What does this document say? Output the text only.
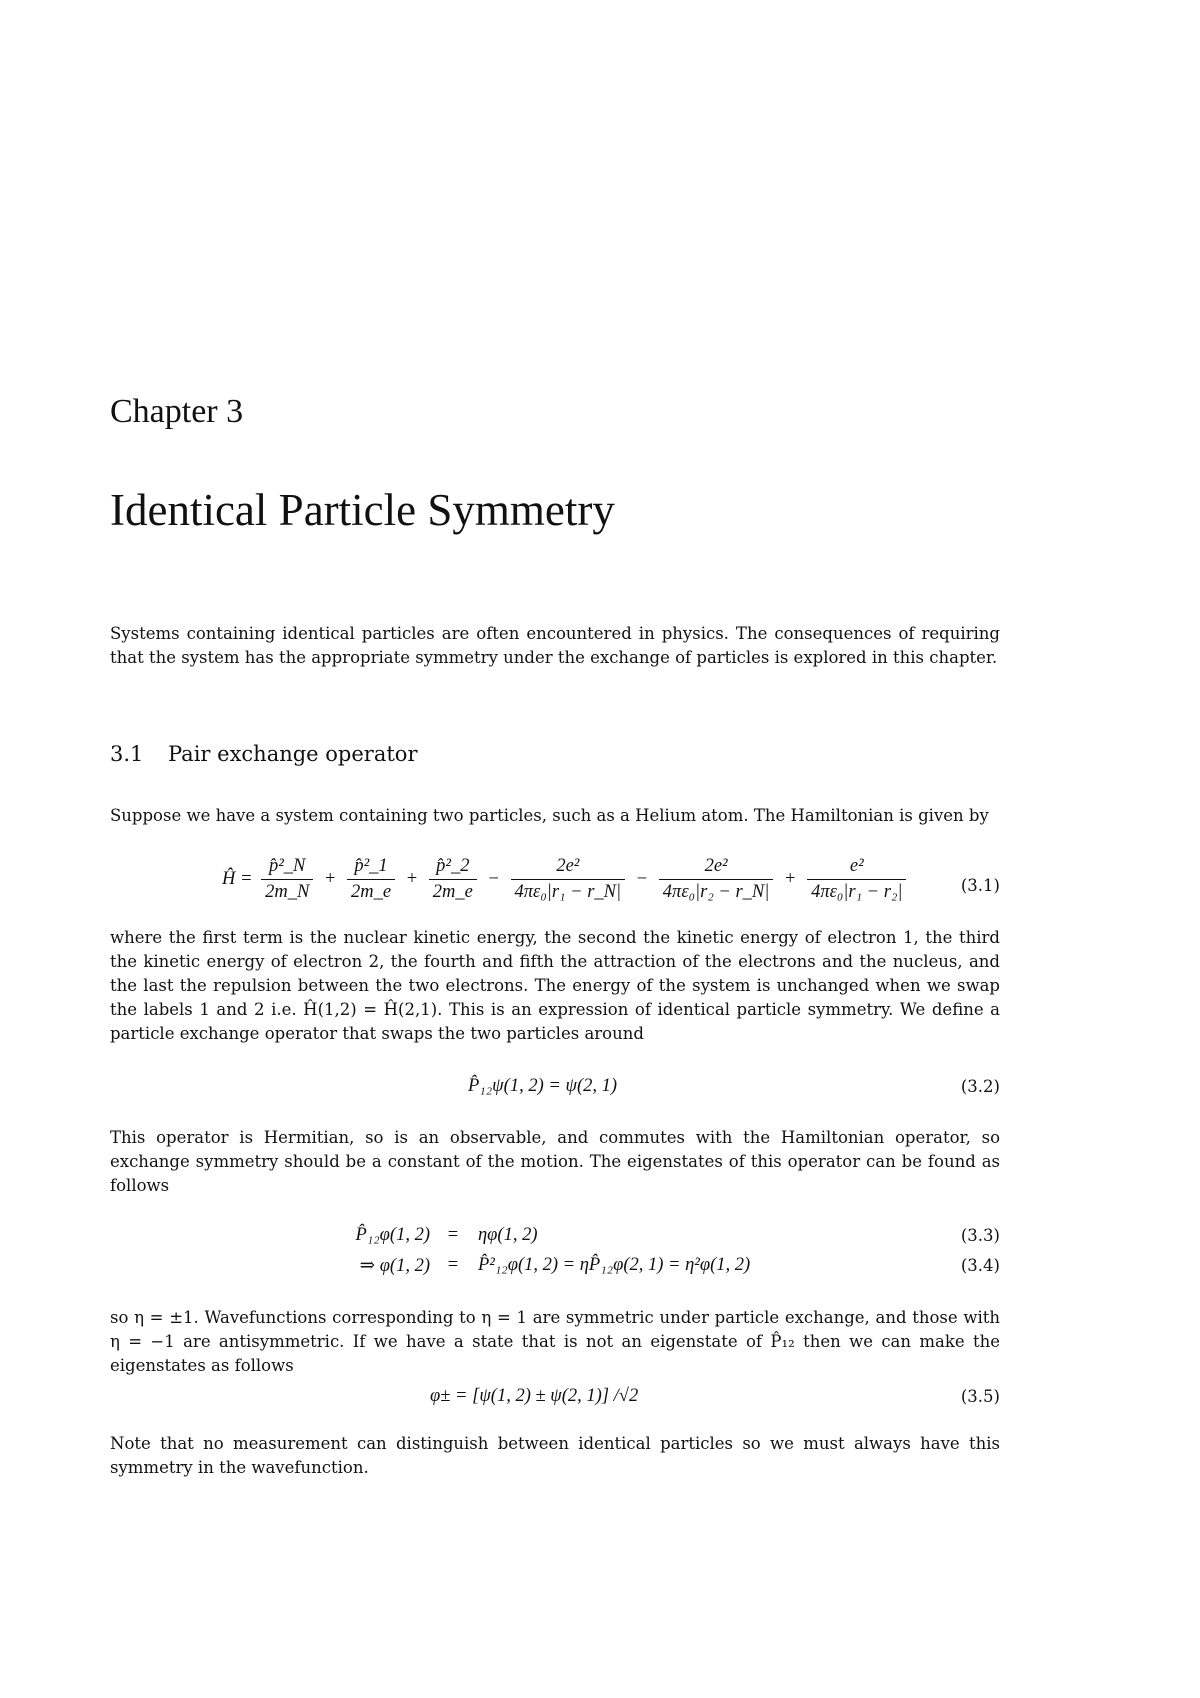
Chapter 3
Identical Particle Symmetry
Systems containing identical particles are often encountered in physics. The consequences of requiring that the system has the appropriate symmetry under the exchange of particles is explored in this chapter.
3.1 Pair exchange operator
Suppose we have a system containing two particles, such as a Helium atom. The Hamiltonian is given by
Ĥ = $\frac{\text{p̂²\_N}}{2m\_N} + \frac{\text{p̂²\_1}}{2m\_e} + \frac{\text{p̂²\_2}}{2m\_e} - \frac{\text{2e²}}{\text{4πε₀|r₁ − r\_N|}} - \frac{\text{2e²}}{\text{4πε₀|r₂ − r\_N|}} + \frac{\text{e²}}{\text{4πε₀|r₁ − r₂|}}$	(3.1)
where the first term is the nuclear kinetic energy, the second the kinetic energy of electron 1, the third the kinetic energy of electron 2, the fourth and fifth the attraction of the electrons and the nucleus, and the last the repulsion between the two electrons. The energy of the system is unchanged when we swap the labels 1 and 2 i.e. Ĥ(1,2) = Ĥ(2,1). This is an expression of identical particle symmetry. We define a particle exchange operator that swaps the two particles around
P̂₁₂ψ(1, 2) = ψ(2, 1)	(3.2)
This operator is Hermitian, so is an observable, and commutes with the Hamiltonian operator, so exchange symmetry should be a constant of the motion. The eigenstates of this operator can be found as follows
P̂₁₂φ(1, 2) =	ηφ(1, 2)	(3.3)
⇒ φ(1, 2) =	P̂²₁₂φ(1, 2) = ηP̂₁₂φ(2, 1) = η²φ(1, 2)	(3.4)
so η = ±1. Wavefunctions corresponding to η = 1 are symmetric under particle exchange, and those with η = −1 are antisymmetric. If we have a state that is not an eigenstate of P̂₁₂ then we can make the eigenstates as follows
φ± = [ψ(1, 2) ± ψ(2, 1)] /√2	(3.5)
Note that no measurement can distinguish between identical particles so we must always have this symmetry in the wavefunction.
